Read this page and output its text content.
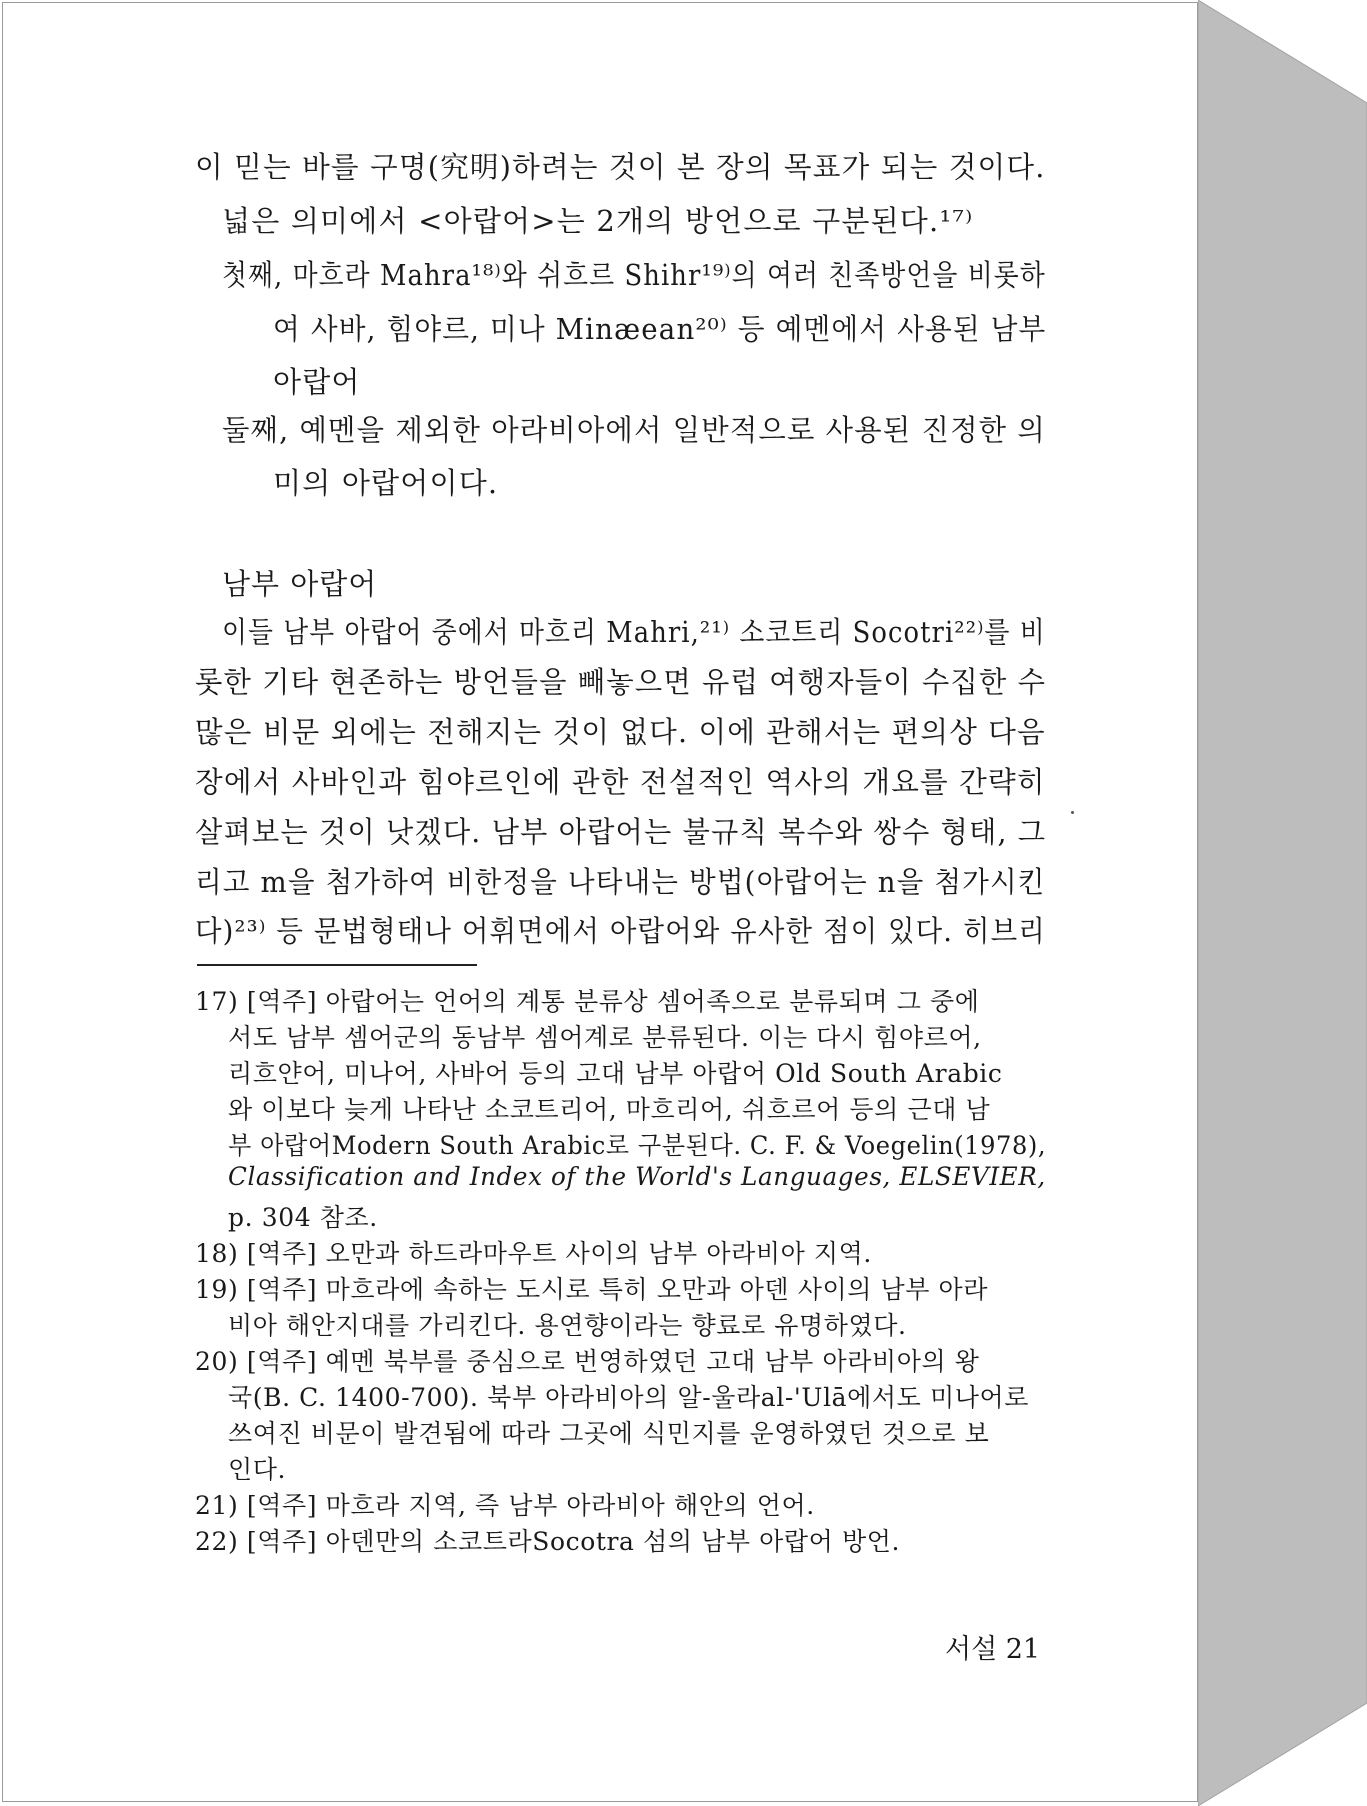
이 믿는 바를 구명(究明)하려는 것이 본 장의 목표가 되는 것이다.
넓은 의미에서 <아랍어>는 2개의 방언으로 구분된다.¹⁷⁾
첫째, 마흐라 Mahra¹⁸⁾와 쉬흐르 Shihr¹⁹⁾의 여러 친족방언을 비롯하
여 사바, 힘야르, 미나 Minæean²⁰⁾ 등 예멘에서 사용된 남부
아랍어
둘째, 예멘을 제외한 아라비아에서 일반적으로 사용된 진정한 의
미의 아랍어이다.
남부 아랍어
이들 남부 아랍어 중에서 마흐리 Mahri,²¹⁾ 소코트리 Socotri²²⁾를 비
롯한 기타 현존하는 방언들을 빼놓으면 유럽 여행자들이 수집한 수
많은 비문 외에는 전해지는 것이 없다. 이에 관해서는 편의상 다음
장에서 사바인과 힘야르인에 관한 전설적인 역사의 개요를 간략히
살펴보는 것이 낫겠다. 남부 아랍어는 불규칙 복수와 쌍수 형태, 그
리고 m을 첨가하여 비한정을 나타내는 방법(아랍어는 n을 첨가시킨
다)²³⁾ 등 문법형태나 어휘면에서 아랍어와 유사한 점이 있다. 히브리
17) [역주] 아랍어는 언어의 계통 분류상 셈어족으로 분류되며 그 중에
서도 남부 셈어군의 동남부 셈어계로 분류된다. 이는 다시 힘야르어,
리흐얀어, 미나어, 사바어 등의 고대 남부 아랍어 Old South Arabic
와 이보다 늦게 나타난 소코트리어, 마흐리어, 쉬흐르어 등의 근대 남
부 아랍어Modern South Arabic로 구분된다. C. F. & Voegelin(1978),
Classification and Index of the World's Languages, ELSEVIER,
p. 304 참조.
18) [역주] 오만과 하드라마우트 사이의 남부 아라비아 지역.
19) [역주] 마흐라에 속하는 도시로 특히 오만과 아덴 사이의 남부 아라
비아 해안지대를 가리킨다. 용연향이라는 향료로 유명하였다.
20) [역주] 예멘 북부를 중심으로 번영하였던 고대 남부 아라비아의 왕
국(B. C. 1400-700). 북부 아라비아의 알-울라al-'Ulā에서도 미나어로
쓰여진 비문이 발견됨에 따라 그곳에 식민지를 운영하였던 것으로 보
인다.
21) [역주] 마흐라 지역, 즉 남부 아라비아 해안의 언어.
22) [역주] 아덴만의 소코트라Socotra 섬의 남부 아랍어 방언.
서설 21
